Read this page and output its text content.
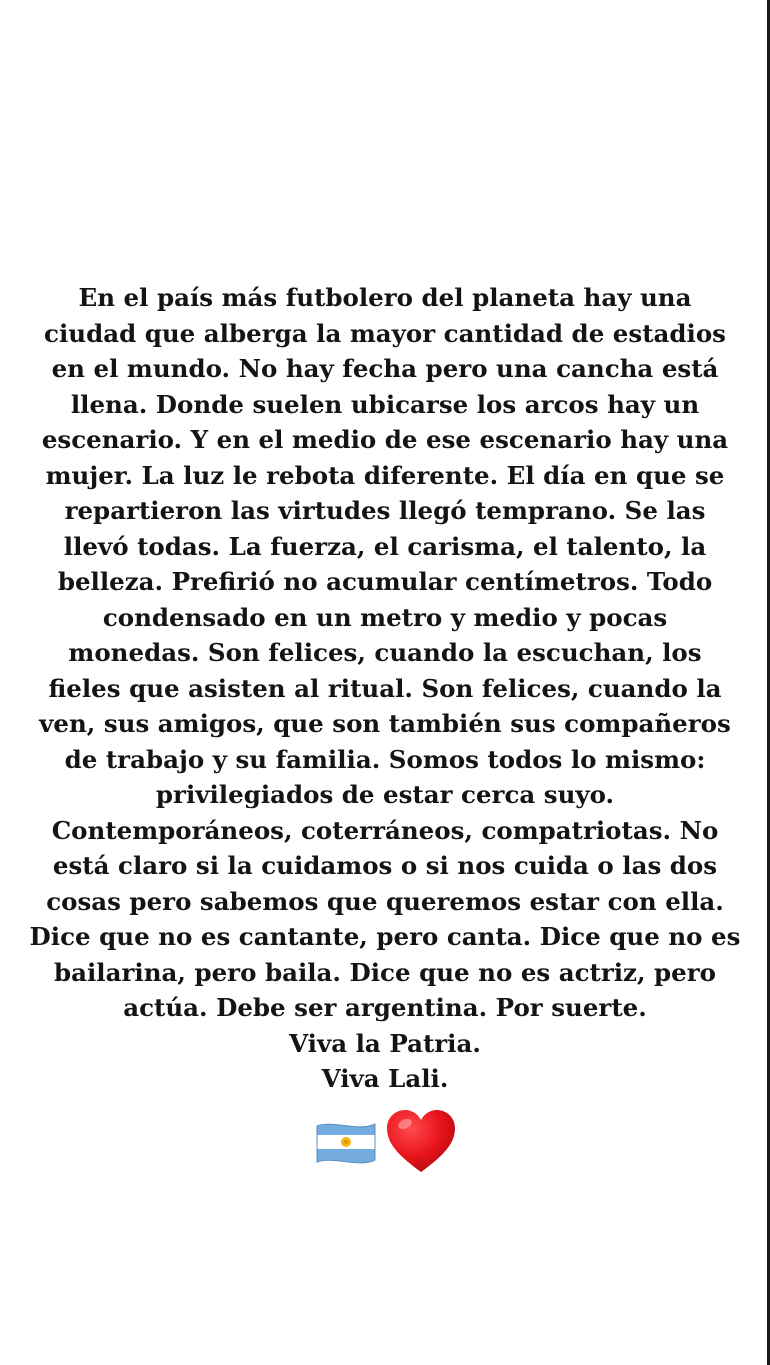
En el país más futbolero del planeta hay una
ciudad que alberga la mayor cantidad de estadios
en el mundo. No hay fecha pero una cancha está
llena. Donde suelen ubicarse los arcos hay un
escenario. Y en el medio de ese escenario hay una
mujer. La luz le rebota diferente. El día en que se
repartieron las virtudes llegó temprano. Se las
llevó todas. La fuerza, el carisma, el talento, la
belleza. Prefirió no acumular centímetros. Todo
condensado en un metro y medio y pocas
monedas. Son felices, cuando la escuchan, los
fieles que asisten al ritual. Son felices, cuando la
ven, sus amigos, que son también sus compañeros
de trabajo y su familia. Somos todos lo mismo:
privilegiados de estar cerca suyo.
Contemporáneos, coterráneos, compatriotas. No
está claro si la cuidamos o si nos cuida o las dos
cosas pero sabemos que queremos estar con ella.
Dice que no es cantante, pero canta. Dice que no es
bailarina, pero baila. Dice que no es actriz, pero
actúa. Debe ser argentina. Por suerte.
Viva la Patria.
Viva Lali.
